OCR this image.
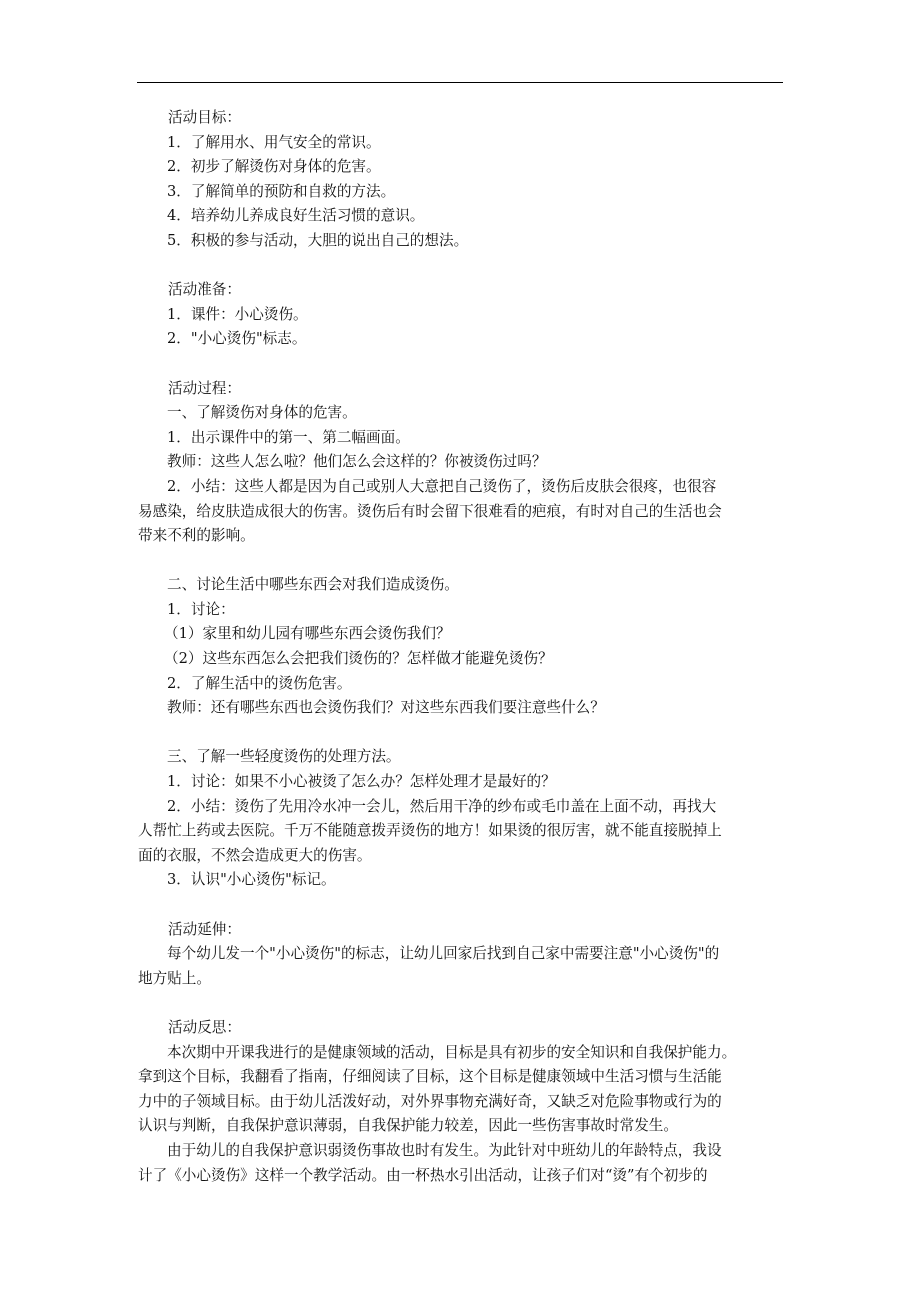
活动目标：

1．了解用水、用气安全的常识。

2．初步了解烫伤对身体的危害。

3．了解简单的预防和自救的方法。

4．培养幼儿养成良好生活习惯的意识。

5．积极的参与活动，大胆的说出自己的想法。

活动准备：

1．课件：小心烫伤。

2．"小心烫伤"标志。

活动过程：

一、了解烫伤对身体的危害。

1．出示课件中的第一、第二幅画面。

教师：这些人怎么啦？他们怎么会这样的？你被烫伤过吗？

2．小结：这些人都是因为自己或别人大意把自己烫伤了，烫伤后皮肤会很疼，也很容

易感染，给皮肤造成很大的伤害。烫伤后有时会留下很难看的疤痕，有时对自己的生活也会

带来不利的影响。

二、讨论生活中哪些东西会对我们造成烫伤。

1．讨论：

（1）家里和幼儿园有哪些东西会烫伤我们？

（2）这些东西怎么会把我们烫伤的？怎样做才能避免烫伤？

2．了解生活中的烫伤危害。

教师：还有哪些东西也会烫伤我们？对这些东西我们要注意些什么？

三、了解一些轻度烫伤的处理方法。

1．讨论：如果不小心被烫了怎么办？怎样处理才是最好的？

2．小结：烫伤了先用冷水冲一会儿，然后用干净的纱布或毛巾盖在上面不动，再找大

人帮忙上药或去医院。千万不能随意拨弄烫伤的地方！如果烫的很厉害，就不能直接脱掉上

面的衣服，不然会造成更大的伤害。

3．认识"小心烫伤"标记。

活动延伸：

每个幼儿发一个"小心烫伤"的标志，让幼儿回家后找到自己家中需要注意"小心烫伤"的

地方贴上。

活动反思：

本次期中开课我进行的是健康领域的活动，目标是具有初步的安全知识和自我保护能力。

拿到这个目标，我翻看了指南，仔细阅读了目标，这个目标是健康领域中生活习惯与生活能

力中的子领域目标。由于幼儿活泼好动，对外界事物充满好奇，又缺乏对危险事物或行为的

认识与判断，自我保护意识薄弱，自我保护能力较差，因此一些伤害事故时常发生。

由于幼儿的自我保护意识弱烫伤事故也时有发生。为此针对中班幼儿的年龄特点，我设

计了《小心烫伤》这样一个教学活动。由一杯热水引出活动，让孩子们对“烫”有个初步的
